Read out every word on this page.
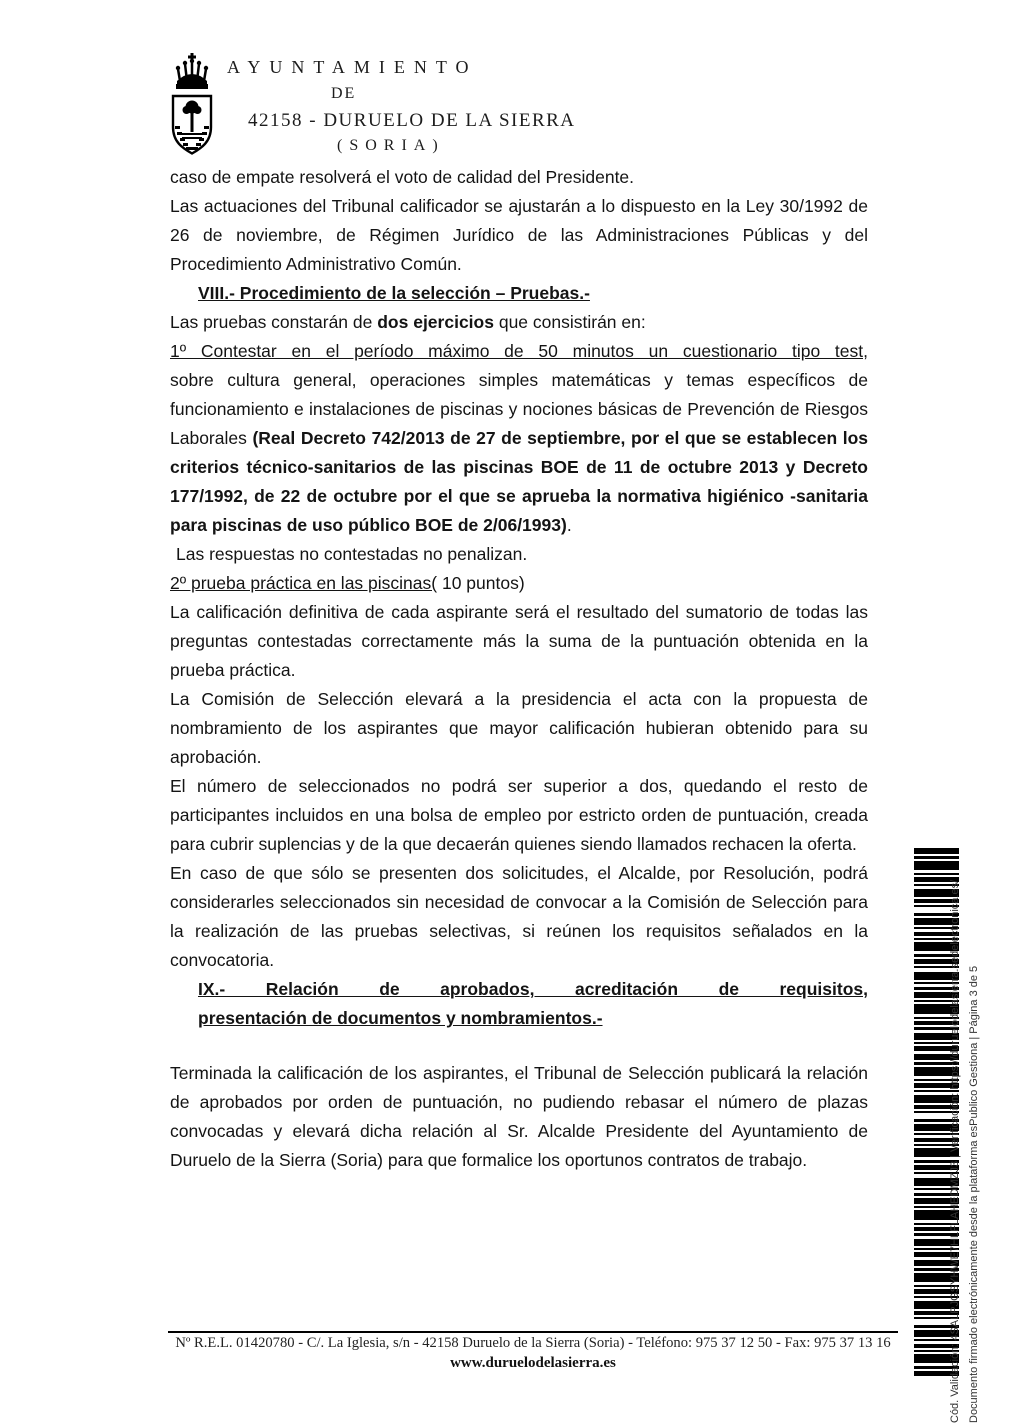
AYUNTAMIENTO
DE
42158 - DURUELO DE LA SIERRA
(SORIA)
caso de empate resolverá el voto de calidad del Presidente.
Las actuaciones del Tribunal calificador se ajustarán a lo dispuesto en la Ley 30/1992 de 26 de noviembre, de Régimen Jurídico de las Administraciones Públicas y del Procedimiento Administrativo Común.
VIII.- Procedimiento de la selección – Pruebas.-
Las pruebas constarán de dos ejercicios que consistirán en:
1º Contestar en el período máximo de 50 minutos un cuestionario tipo test,
sobre cultura general, operaciones simples matemáticas y temas específicos de funcionamiento e instalaciones de piscinas y nociones básicas de Prevención de Riesgos Laborales (Real Decreto 742/2013 de 27 de septiembre, por el que se establecen los criterios técnico-sanitarios de las piscinas BOE de 11 de octubre 2013 y Decreto 177/1992, de 22 de octubre por el que se aprueba la normativa higiénico -sanitaria para piscinas de uso público BOE de 2/06/1993).
Las respuestas no contestadas no penalizan.
2º prueba práctica en las piscinas( 10 puntos)
La calificación definitiva de cada aspirante será el resultado del sumatorio de todas las preguntas contestadas correctamente más la suma de la puntuación obtenida en la prueba práctica.
La Comisión de Selección elevará a la presidencia el acta con la propuesta de nombramiento de los aspirantes que mayor calificación hubieran obtenido para su aprobación.
El número de seleccionados no podrá ser superior a dos, quedando el resto de participantes incluidos en una bolsa de empleo por estricto orden de puntuación, creada para cubrir suplencias y de la que decaerán quienes siendo llamados rechacen la oferta.
En caso de que sólo se presenten dos solicitudes, el Alcalde, por Resolución, podrá considerarles seleccionados sin necesidad de convocar a la Comisión de Selección para la realización de las pruebas selectivas, si reúnen los requisitos señalados en la convocatoria.
IX.- Relación de aprobados, acreditación de requisitos,
presentación de documentos y nombramientos.-
Terminada la calificación de los aspirantes, el Tribunal de Selección publicará la relación de aprobados por orden de puntuación, no pudiendo rebasar el número de plazas convocadas y elevará dicha relación al Sr. Alcalde Presidente del Ayuntamiento de Duruelo de la Sierra (Soria) para que formalice los oportunos contratos de trabajo.	Cód. Validación: 4SALPJGSYHWE7HLFLAHEDMZJ3 | Verificación: https://duruelodelasierra.sedelectronica.es/ Documento firmado electrónicamente desde la plataforma esPublico Gestiona | Página 3 de 5
Nº R.E.L. 01420780 - C/. La Iglesia, s/n - 42158 Duruelo de la Sierra (Soria) - Teléfono: 975 37 12 50 - Fax: 975 37 13 16
www.duruelodelasierra.es
